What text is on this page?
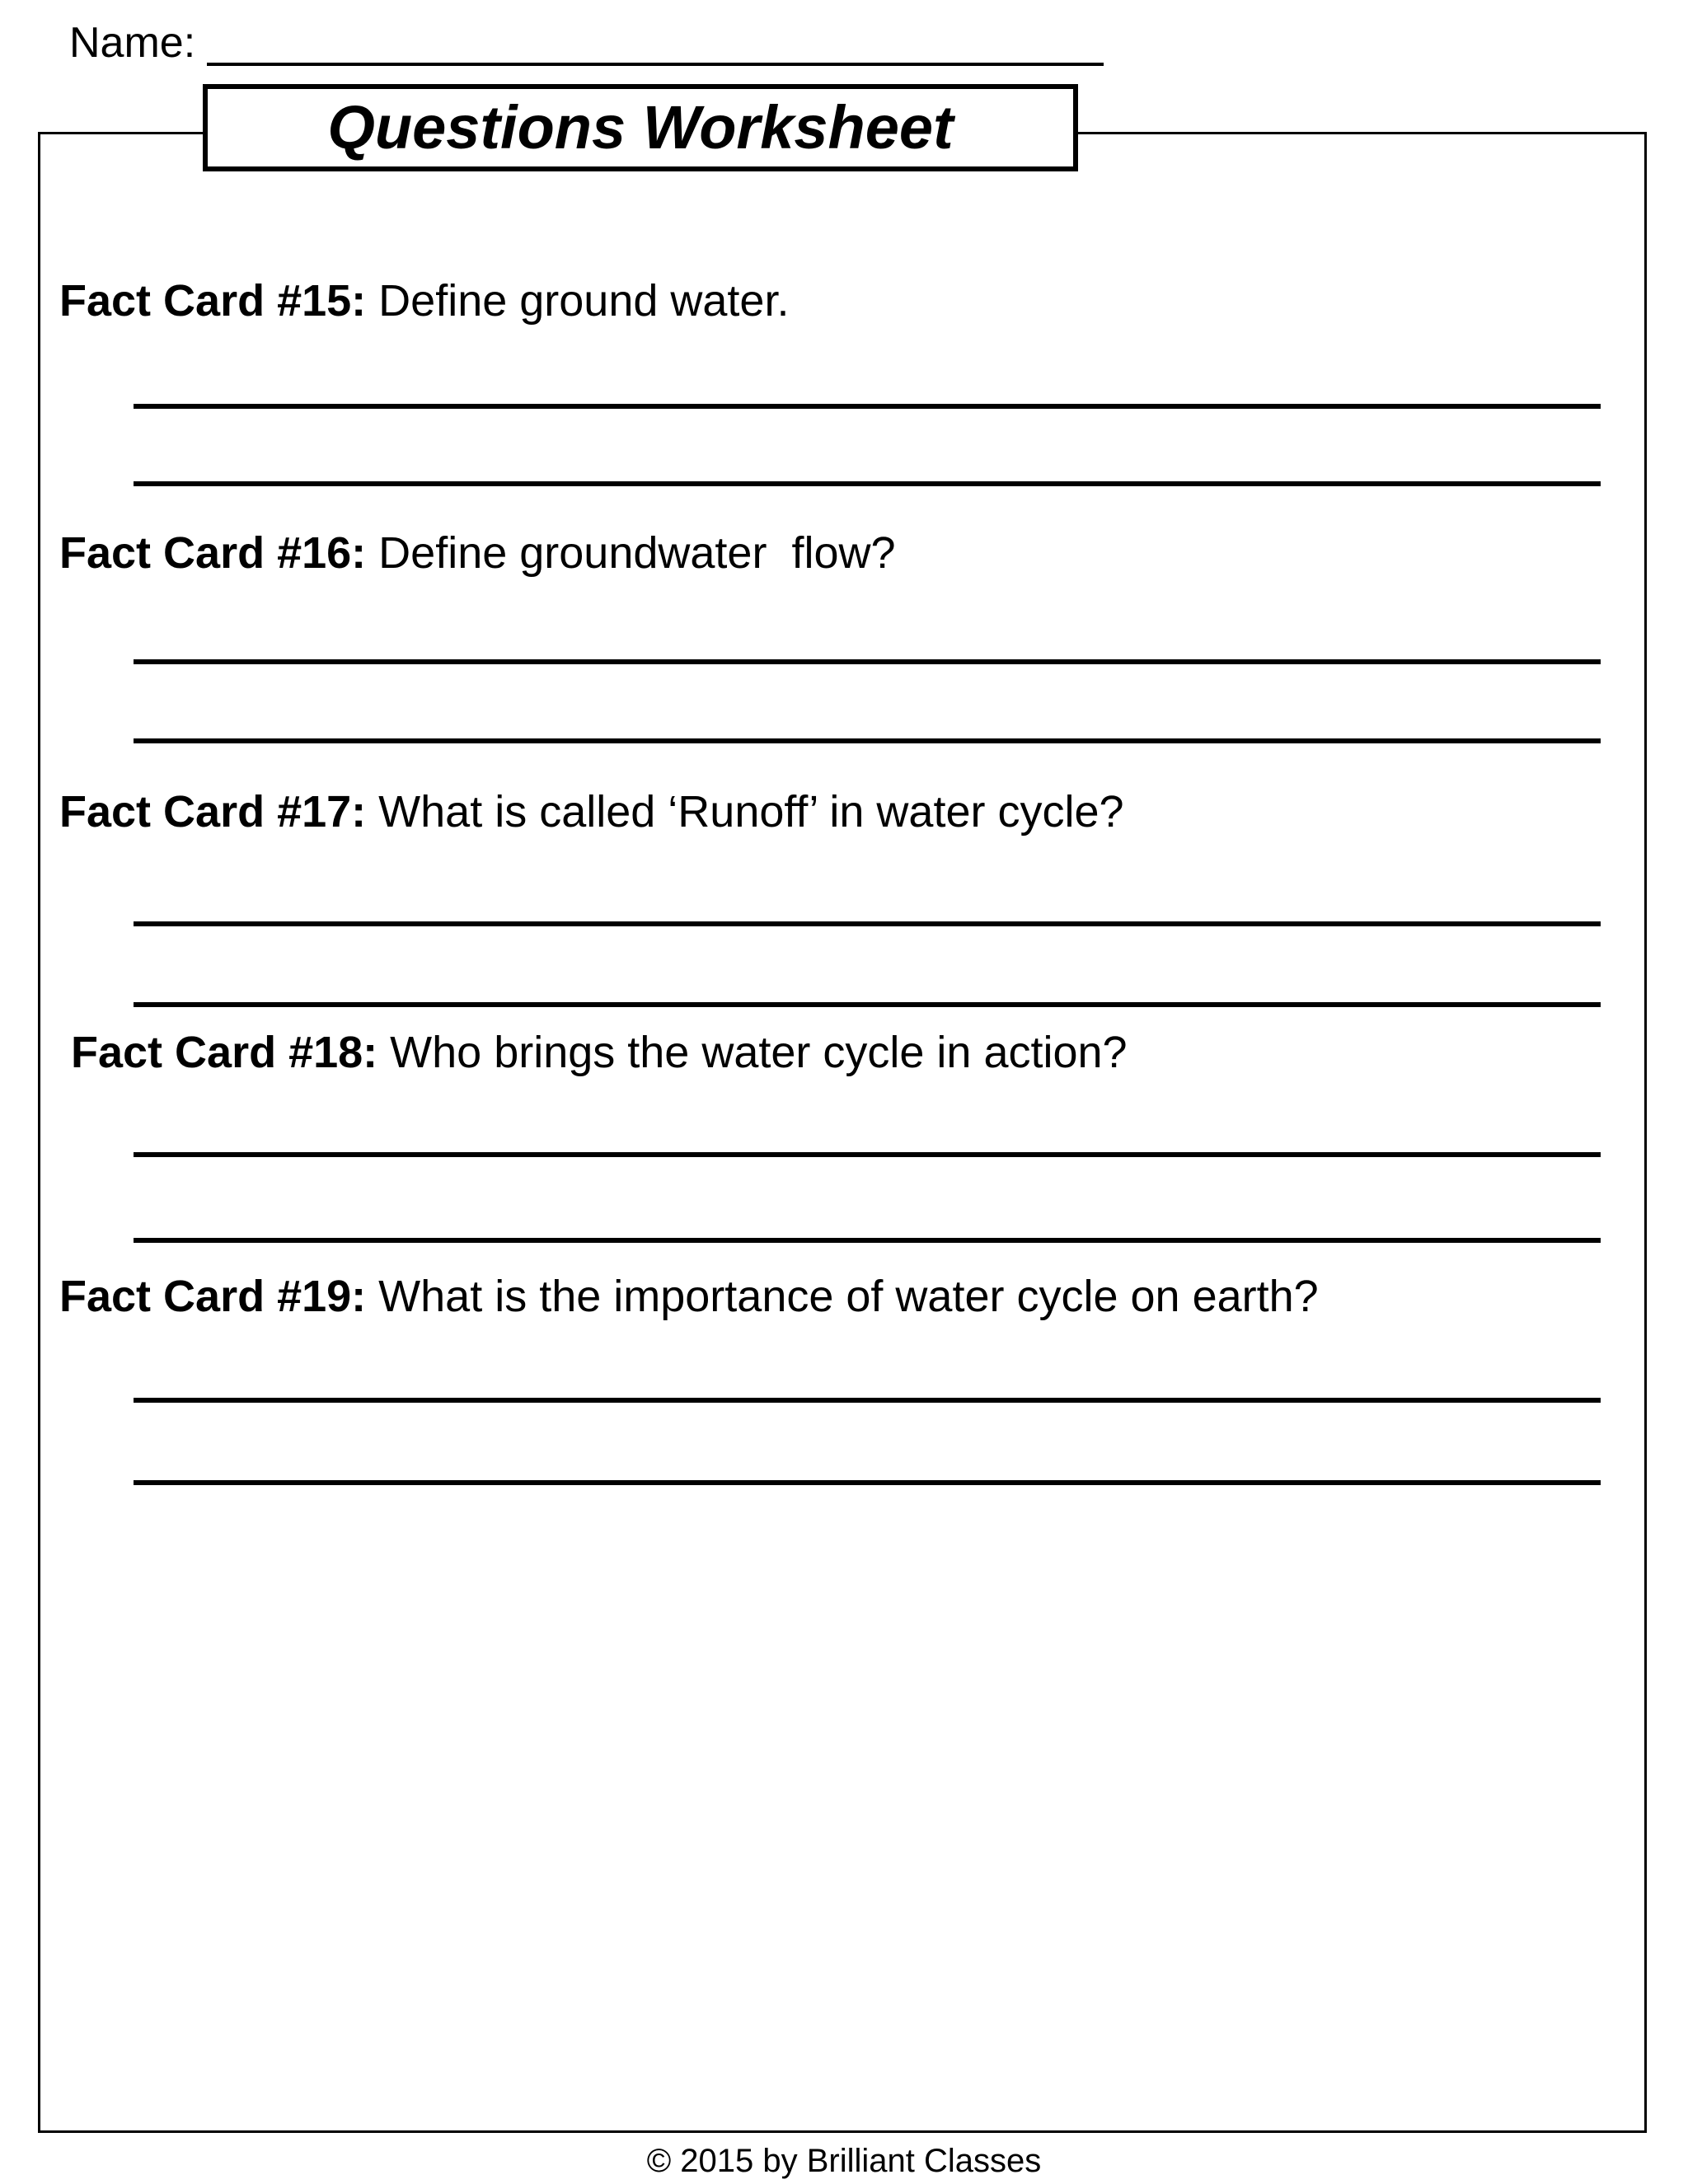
Name:
Questions Worksheet
Fact Card #15: Define ground water.
Fact Card #16: Define groundwater  flow?
Fact Card #17: What is called ‘Runoff’ in water cycle?
Fact Card #18: Who brings the water cycle in action?
Fact Card #19: What is the importance of water cycle on earth?
© 2015 by Brilliant Classes
